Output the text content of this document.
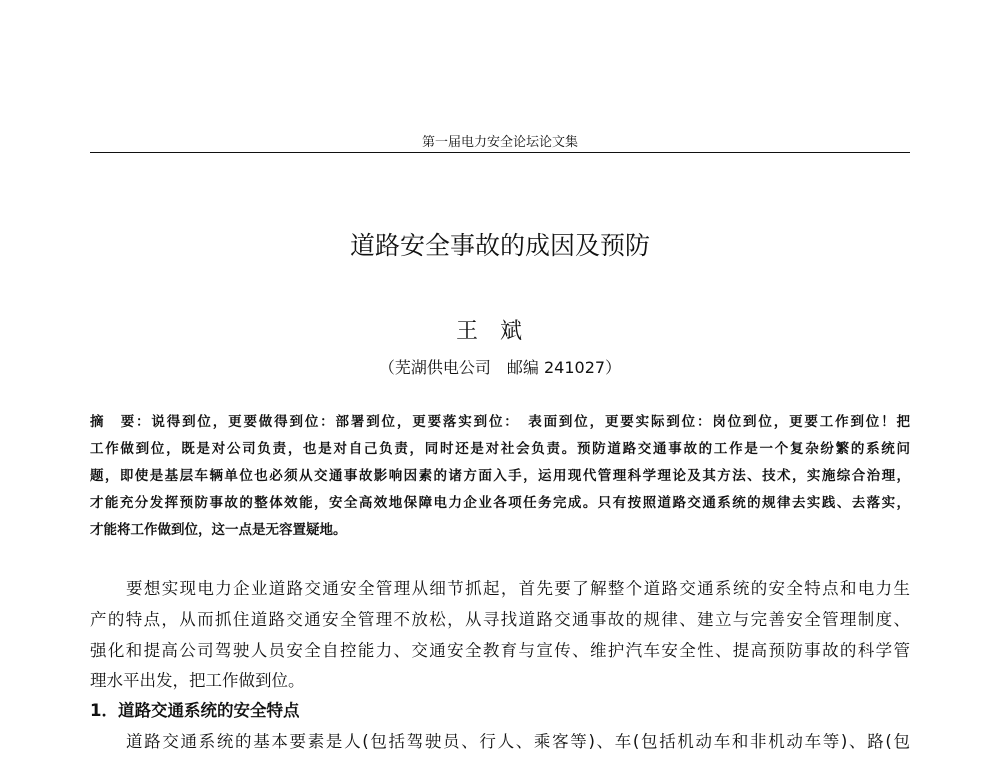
第一届电力安全论坛论文集
道路安全事故的成因及预防
王斌
（芜湖供电公司　邮编 241027）
摘　要：说得到位，更要做得到位：部署到位，更要落实到位：　表面到位，更要实际到位：岗位到位，更要工作到位！把
工作做到位，既是对公司负责，也是对自己负责，同时还是对社会负责。预防道路交通事故的工作是一个复杂纷繁的系统问
题，即使是基层车辆单位也必须从交通事故影响因素的诸方面入手，运用现代管理科学理论及其方法、技术，实施综合治理，
才能充分发挥预防事故的整体效能，安全高效地保障电力企业各项任务完成。只有按照道路交通系统的规律去实践、去落实，
才能将工作做到位，这一点是无容置疑地。
要想实现电力企业道路交通安全管理从细节抓起，首先要了解整个道路交通系统的安全特点和电力生
产的特点，从而抓住道路交通安全管理不放松，从寻找道路交通事故的规律、建立与完善安全管理制度、
强化和提高公司驾驶人员安全自控能力、交通安全教育与宣传、维护汽车安全性、提高预防事故的科学管
理水平出发，把工作做到位。
1．道路交通系统的安全特点
道路交通系统的基本要素是人(包括驾驶员、行人、乘客等)、车(包括机动车和非机动车等)、路(包
